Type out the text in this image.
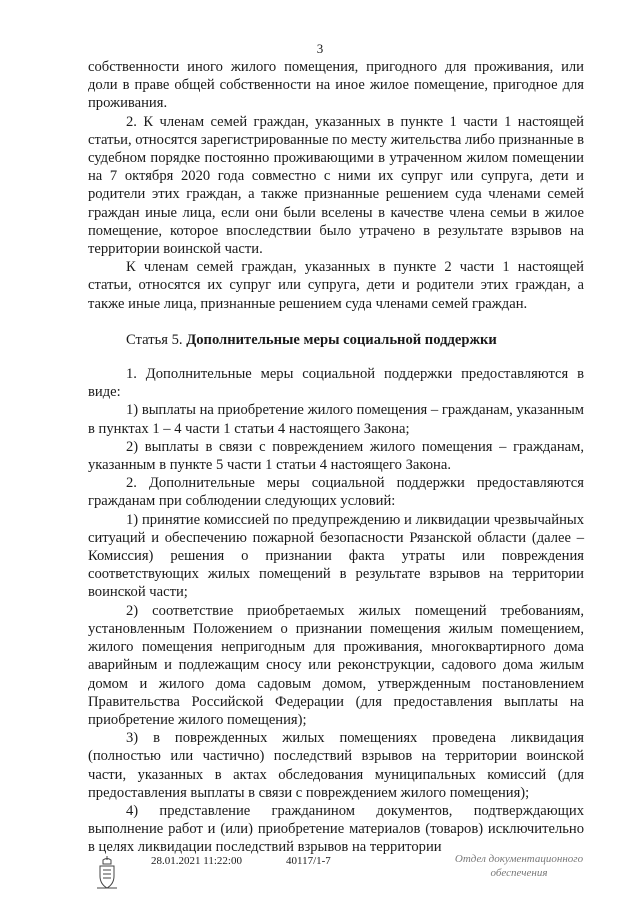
3

собственности иного жилого помещения, пригодного для проживания, или доли в праве общей собственности на иное жилое помещение, пригодное для проживания.

2. К членам семей граждан, указанных в пункте 1 части 1 настоящей статьи, относятся зарегистрированные по месту жительства либо признанные в судебном порядке постоянно проживающими в утраченном жилом помещении на 7 октября 2020 года совместно с ними их супруг или супруга, дети и родители этих граждан, а также признанные решением суда членами семей граждан иные лица, если они были вселены в качестве члена семьи в жилое помещение, которое впоследствии было утрачено в результате взрывов на территории воинской части.

К членам семей граждан, указанных в пункте 2 части 1 настоящей статьи, относятся их супруг или супруга, дети и родители этих граждан, а также иные лица, признанные решением суда членами семей граждан.

Статья 5. Дополнительные меры социальной поддержки

1. Дополнительные меры социальной поддержки предоставляются в виде:

1) выплаты на приобретение жилого помещения – гражданам, указанным в пунктах 1 – 4 части 1 статьи 4 настоящего Закона;

2) выплаты в связи с повреждением жилого помещения – гражданам, указанным в пункте 5 части 1 статьи 4 настоящего Закона.

2. Дополнительные меры социальной поддержки предоставляются гражданам при соблюдении следующих условий:

1) принятие комиссией по предупреждению и ликвидации чрезвычайных ситуаций и обеспечению пожарной безопасности Рязанской области (далее – Комиссия) решения о признании факта утраты или повреждения соответствующих жилых помещений в результате взрывов на территории воинской части;

2) соответствие приобретаемых жилых помещений требованиям, установленным Положением о признании помещения жилым помещением, жилого помещения непригодным для проживания, многоквартирного дома аварийным и подлежащим сносу или реконструкции, садового дома жилым домом и жилого дома садовым домом, утвержденным постановлением Правительства Российской Федерации (для предоставления выплаты на приобретение жилого помещения);

3) в поврежденных жилых помещениях проведена ликвидация (полностью или частично) последствий взрывов на территории воинской части, указанных в актах обследования муниципальных комиссий (для предоставления выплаты в связи с повреждением жилого помещения);

4) представление гражданином документов, подтверждающих выполнение работ и (или) приобретение материалов (товаров) исключительно в целях ликвидации последствий взрывов на территории

28.01.2021 11:22:00	40117/1-7	Отдел документационного
обеспечения
